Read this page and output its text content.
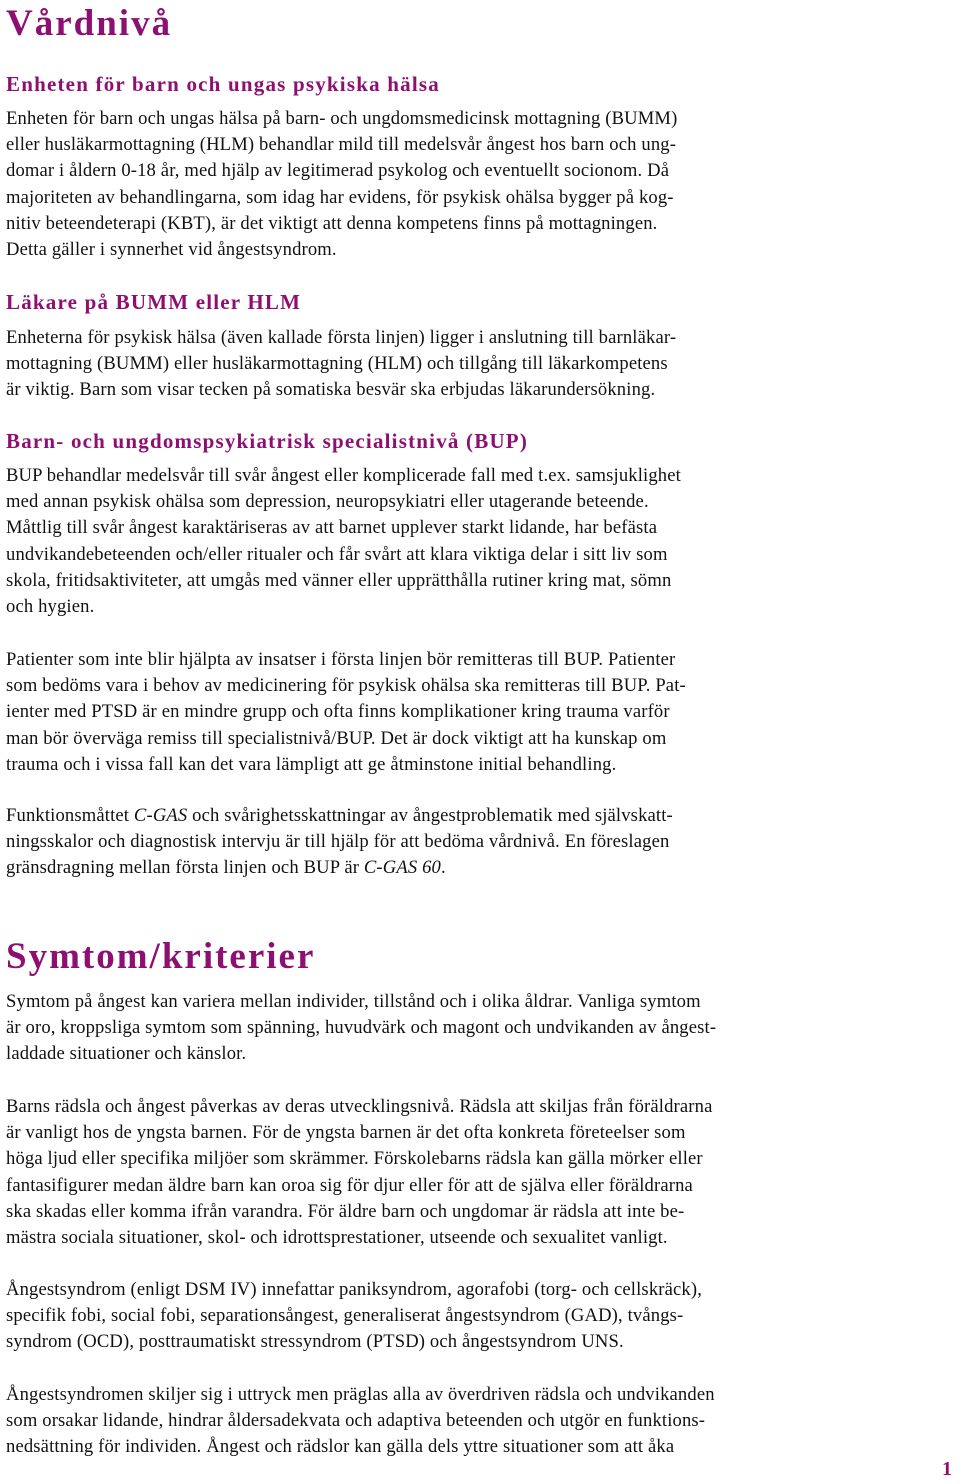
Vårdnivå
Enheten för barn och ungas psykiska hälsa
Enheten för barn och ungas hälsa på barn- och ungdomsmedicinsk mottagning (BUMM)
eller husläkarmottagning (HLM) behandlar mild till medelsvår ångest hos barn och ung-
domar i åldern 0-18 år, med hjälp av legitimerad psykolog och eventuellt socionom. Då
majoriteten av behandlingarna, som idag har evidens, för psykisk ohälsa bygger på kog-
nitiv beteendeterapi (KBT), är det viktigt att denna kompetens finns på mottagningen.
Detta gäller i synnerhet vid ångestsyndrom.
Läkare på BUMM eller HLM
Enheterna för psykisk hälsa (även kallade första linjen) ligger i anslutning till barnläkar-
mottagning (BUMM) eller husläkarmottagning (HLM) och tillgång till läkarkompetens
är viktig. Barn som visar tecken på somatiska besvär ska erbjudas läkarundersökning.
Barn- och ungdomspsykiatrisk specialistnivå (BUP)
BUP behandlar medelsvår till svår ångest eller komplicerade fall med t.ex. samsjuklighet
med annan psykisk ohälsa som depression, neuropsykiatri eller utagerande beteende.
Måttlig till svår ångest karaktäriseras av att barnet upplever starkt lidande, har befästa
undvikandebeteenden och/eller ritualer och får svårt att klara viktiga delar i sitt liv som
skola, fritidsaktiviteter, att umgås med vänner eller upprätthålla rutiner kring mat, sömn
och hygien.
Patienter som inte blir hjälpta av insatser i första linjen bör remitteras till BUP. Patienter
som bedöms vara i behov av medicinering för psykisk ohälsa ska remitteras till BUP. Pat-
ienter med PTSD är en mindre grupp och ofta finns komplikationer kring trauma varför
man bör överväga remiss till specialistnivå/BUP. Det är dock viktigt att ha kunskap om
trauma och i vissa fall kan det vara lämpligt att ge åtminstone initial behandling.
Funktionsmåttet C-GAS och svårighetsskattningar av ångestproblematik med självskatt-
ningsskalor och diagnostisk intervju är till hjälp för att bedöma vårdnivå. En föreslagen
gränsdragning mellan första linjen och BUP är C-GAS 60.
Symtom/kriterier
Symtom på ångest kan variera mellan individer, tillstånd och i olika åldrar. Vanliga symtom
är oro, kroppsliga symtom som spänning, huvudvärk och magont och undvikanden av ångest-
laddade situationer och känslor.
Barns rädsla och ångest påverkas av deras utvecklingsnivå. Rädsla att skiljas från föräldrarna
är vanligt hos de yngsta barnen. För de yngsta barnen är det ofta konkreta företeelser som
höga ljud eller specifika miljöer som skrämmer. Förskolebarns rädsla kan gälla mörker eller
fantasifigurer medan äldre barn kan oroa sig för djur eller för att de själva eller föräldrarna
ska skadas eller komma ifrån varandra. För äldre barn och ungdomar är rädsla att inte be-
mästra sociala situationer, skol- och idrottsprestationer, utseende och sexualitet vanligt.
Ångestsyndrom (enligt DSM IV) innefattar paniksyndrom, agorafobi (torg- och cellskräck),
specifik fobi, social fobi, separationsångest, generaliserat ångestsyndrom (GAD), tvångs-
syndrom (OCD), posttraumatiskt stressyndrom (PTSD) och ångestsyndrom UNS.
Ångestsyndromen skiljer sig i uttryck men präglas alla av överdriven rädsla och undvikanden
som orsakar lidande, hindrar åldersadekvata och adaptiva beteenden och utgör en funktions-
nedsättning för individen. Ångest och rädslor kan gälla dels yttre situationer som att åka
1
